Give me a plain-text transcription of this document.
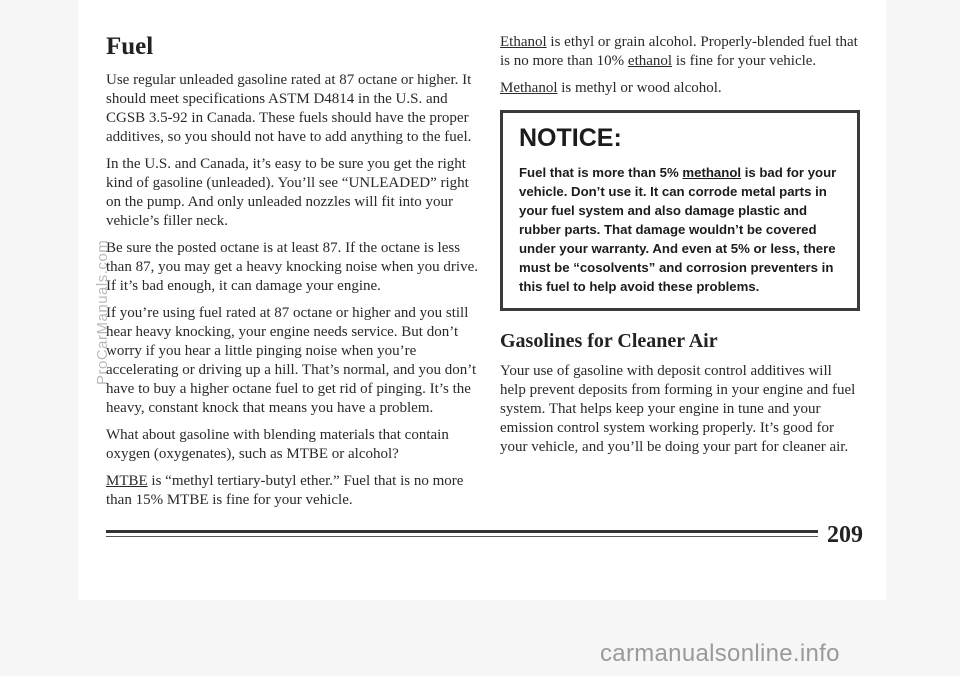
Fuel

Use regular unleaded gasoline rated at 87 octane or higher. It should meet specifications ASTM D4814 in the U.S. and CGSB 3.5-92 in Canada. These fuels should have the proper additives, so you should not have to add anything to the fuel.

In the U.S. and Canada, it’s easy to be sure you get the right kind of gasoline (unleaded). You’ll see “UNLEADED” right on the pump. And only unleaded nozzles will fit into your vehicle’s filler neck.

Be sure the posted octane is at least 87. If the octane is less than 87, you may get a heavy knocking noise when you drive. If it’s bad enough, it can damage your engine.

If you’re using fuel rated at 87 octane or higher and you still hear heavy knocking, your engine needs service. But don’t worry if you hear a little pinging noise when you’re accelerating or driving up a hill. That’s normal, and you don’t have to buy a higher octane fuel to get rid of pinging. It’s the heavy, constant knock that means you have a problem.

What about gasoline with blending materials that contain oxygen (oxygenates), such as MTBE or alcohol?

MTBE is “methyl tertiary-butyl ether.” Fuel that is no more than 15% MTBE is fine for your vehicle.

Ethanol is ethyl or grain alcohol. Properly-blended fuel that is no more than 10% ethanol is fine for your vehicle.

Methanol is methyl or wood alcohol.

NOTICE:
Fuel that is more than 5% methanol is bad for your vehicle. Don’t use it. It can corrode metal parts in your fuel system and also damage plastic and rubber parts. That damage wouldn’t be covered under your warranty. And even at 5% or less, there must be “cosolvents” and corrosion preventers in this fuel to help avoid these problems.
Gasolines for Cleaner Air

Your use of gasoline with deposit control additives will help prevent deposits from forming in your engine and fuel system. That helps keep your engine in tune and your emission control system working properly. It’s good for your vehicle, and you’ll be doing your part for cleaner air.

209
ProCarManuals.com
carmanualsonline.info
